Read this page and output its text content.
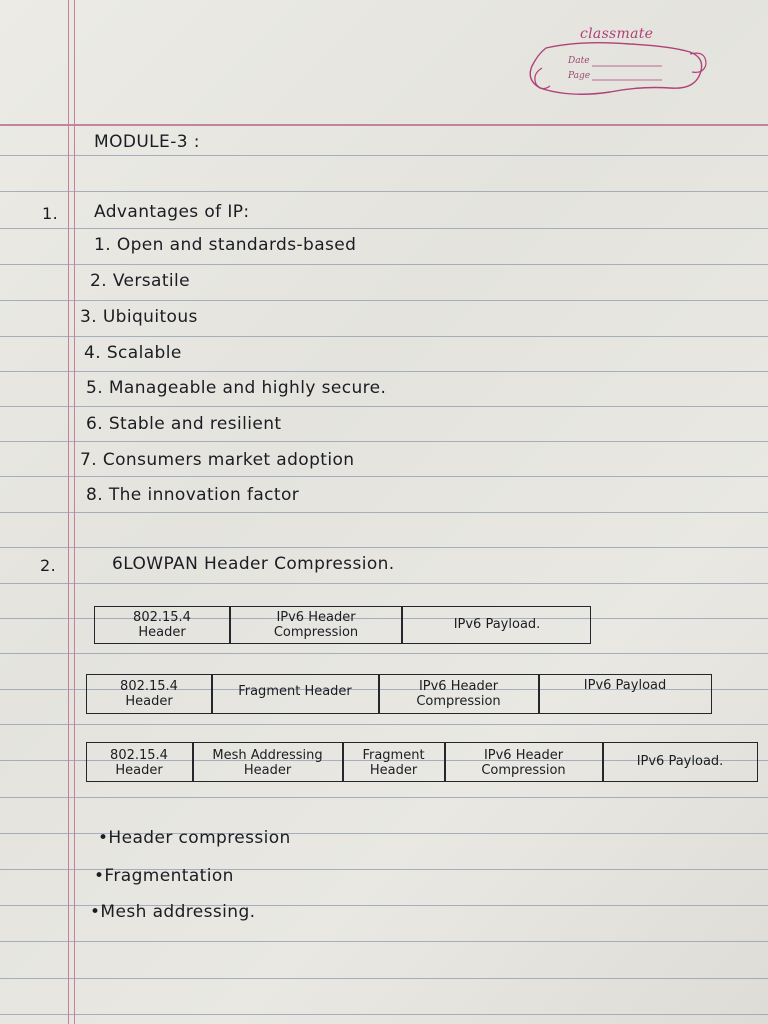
classmate
Date
Page
MODULE-3 :
1. Advantages of IP:
1. Open and standards-based
2. Versatile
3. Ubiquitous
4. Scalable
5. Manageable and highly secure.
6. Stable and resilient
7. Consumers market adoption
8. The innovation factor
2.	6LOWPAN Header Compression.
802.15.4
Header
IPv6 Header
Compression
IPv6 Payload.
802.15.4
Header
Fragment Header	IPv6 Header
Compression
IPv6 Payload
802.15.4
Header
Mesh Addressing
Header
Fragment
Header
IPv6 Header
Compression
IPv6 Payload.
•Header compression
•Fragmentation
•Mesh addressing.
